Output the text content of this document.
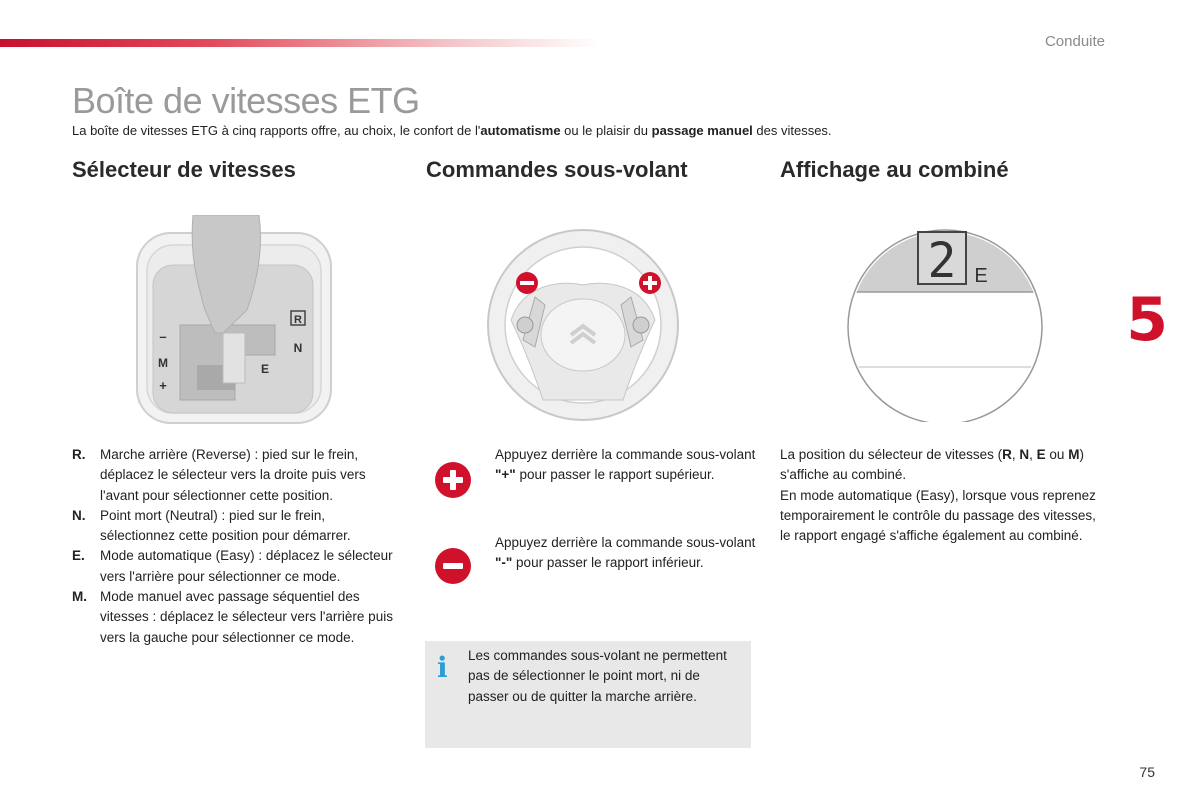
Conduite
Boîte de vitesses ETG
La boîte de vitesses ETG à cinq rapports offre, au choix, le confort de l'automatisme ou le plaisir du passage manuel des vitesses.
Sélecteur de vitesses	Commandes sous-volant	Affichage au combiné
R
N
E
M
–
+
2 E
R.	Marche arrière (Reverse) : pied sur le frein, déplacez le sélecteur vers la droite puis vers l'avant pour sélectionner cette position.
N.	Point mort (Neutral) : pied sur le frein, sélectionnez cette position pour démarrer.
E.	Mode automatique (Easy) : déplacez le sélecteur vers l'arrière pour sélectionner ce mode.
M. Mode manuel avec passage séquentiel des vitesses : déplacez le sélecteur vers l'arrière puis vers la gauche pour sélectionner ce mode.
Appuyez derrière la commande sous-volant "+" pour passer le rapport supérieur.
Appuyez derrière la commande sous-volant "-" pour passer le rapport inférieur.
i Les commandes sous-volant ne permettent pas de sélectionner le point mort, ni de passer ou de quitter la marche arrière.
La position du sélecteur de vitesses (R, N, E ou M) s'affiche au combiné.
En mode automatique (Easy), lorsque vous reprenez temporairement le contrôle du passage des vitesses, le rapport engagé s'affiche également au combiné.
5
75
